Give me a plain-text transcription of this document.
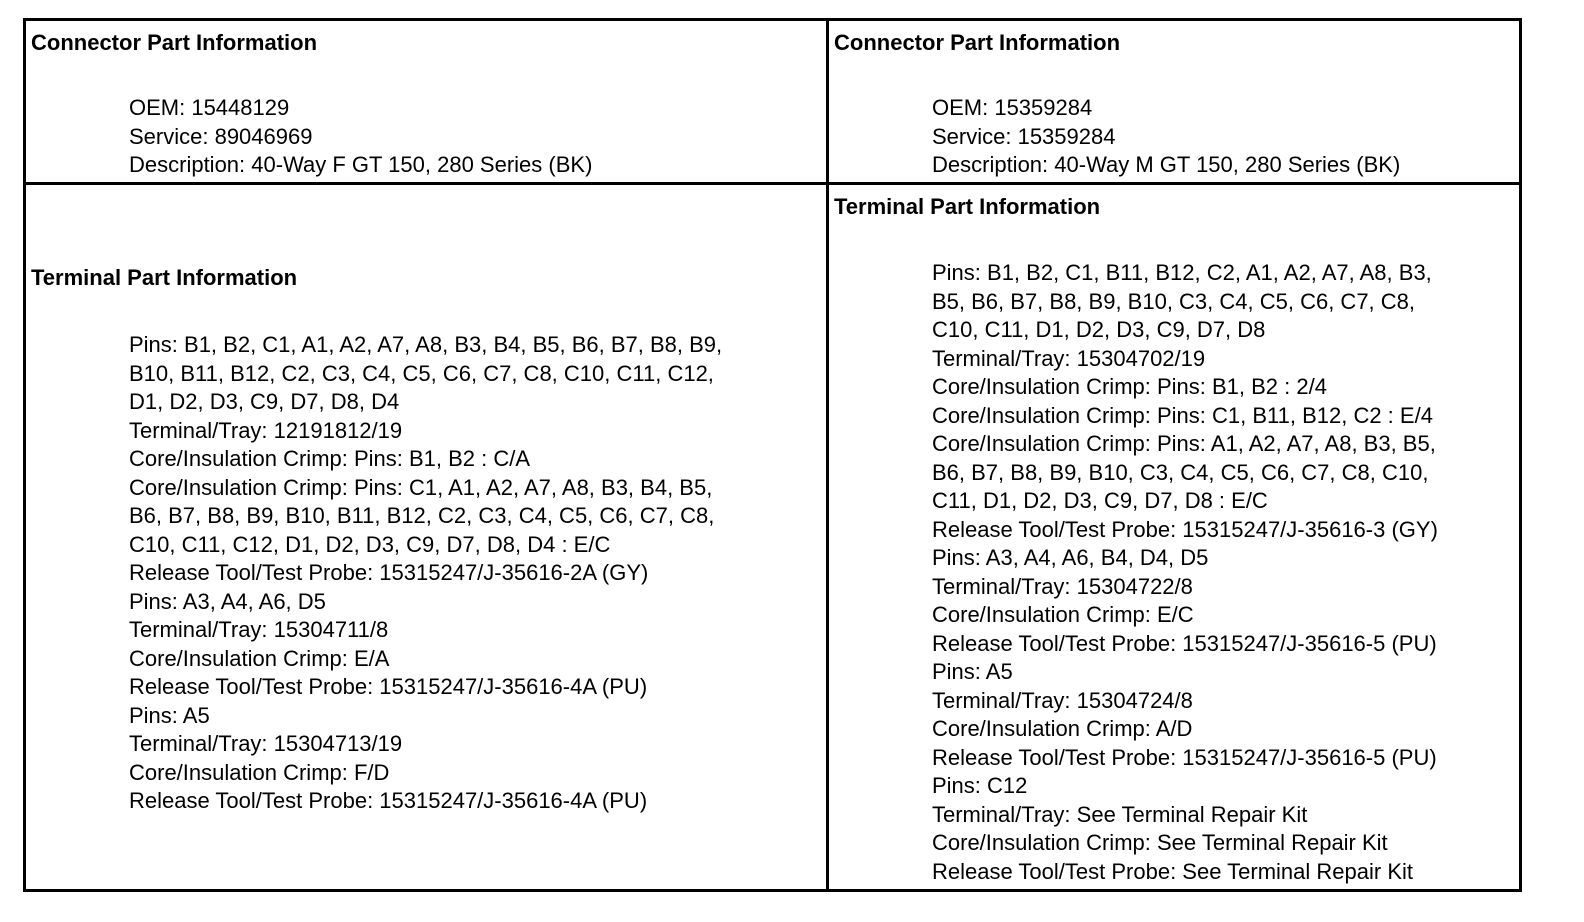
Connector Part Information
OEM: 15448129
Service: 89046969
Description: 40-Way F GT 150, 280 Series (BK)
Connector Part Information
OEM: 15359284
Service: 15359284
Description: 40-Way M GT 150, 280 Series (BK)
Terminal Part Information
Pins: B1, B2, C1, A1, A2, A7, A8, B3, B4, B5, B6, B7, B8, B9,
B10, B11, B12, C2, C3, C4, C5, C6, C7, C8, C10, C11, C12,
D1, D2, D3, C9, D7, D8, D4
Terminal/Tray: 12191812/19
Core/Insulation Crimp: Pins: B1, B2 : C/A
Core/Insulation Crimp: Pins: C1, A1, A2, A7, A8, B3, B4, B5,
B6, B7, B8, B9, B10, B11, B12, C2, C3, C4, C5, C6, C7, C8,
C10, C11, C12, D1, D2, D3, C9, D7, D8, D4 : E/C
Release Tool/Test Probe: 15315247/J-35616-2A (GY)
Pins: A3, A4, A6, D5
Terminal/Tray: 15304711/8
Core/Insulation Crimp: E/A
Release Tool/Test Probe: 15315247/J-35616-4A (PU)
Pins: A5
Terminal/Tray: 15304713/19
Core/Insulation Crimp: F/D
Release Tool/Test Probe: 15315247/J-35616-4A (PU)
Terminal Part Information
Pins: B1, B2, C1, B11, B12, C2, A1, A2, A7, A8, B3,
B5, B6, B7, B8, B9, B10, C3, C4, C5, C6, C7, C8,
C10, C11, D1, D2, D3, C9, D7, D8
Terminal/Tray: 15304702/19
Core/Insulation Crimp: Pins: B1, B2 : 2/4
Core/Insulation Crimp: Pins: C1, B11, B12, C2 : E/4
Core/Insulation Crimp: Pins: A1, A2, A7, A8, B3, B5,
B6, B7, B8, B9, B10, C3, C4, C5, C6, C7, C8, C10,
C11, D1, D2, D3, C9, D7, D8 : E/C
Release Tool/Test Probe: 15315247/J-35616-3 (GY)
Pins: A3, A4, A6, B4, D4, D5
Terminal/Tray: 15304722/8
Core/Insulation Crimp: E/C
Release Tool/Test Probe: 15315247/J-35616-5 (PU)
Pins: A5
Terminal/Tray: 15304724/8
Core/Insulation Crimp: A/D
Release Tool/Test Probe: 15315247/J-35616-5 (PU)
Pins: C12
Terminal/Tray: See Terminal Repair Kit
Core/Insulation Crimp: See Terminal Repair Kit
Release Tool/Test Probe: See Terminal Repair Kit
